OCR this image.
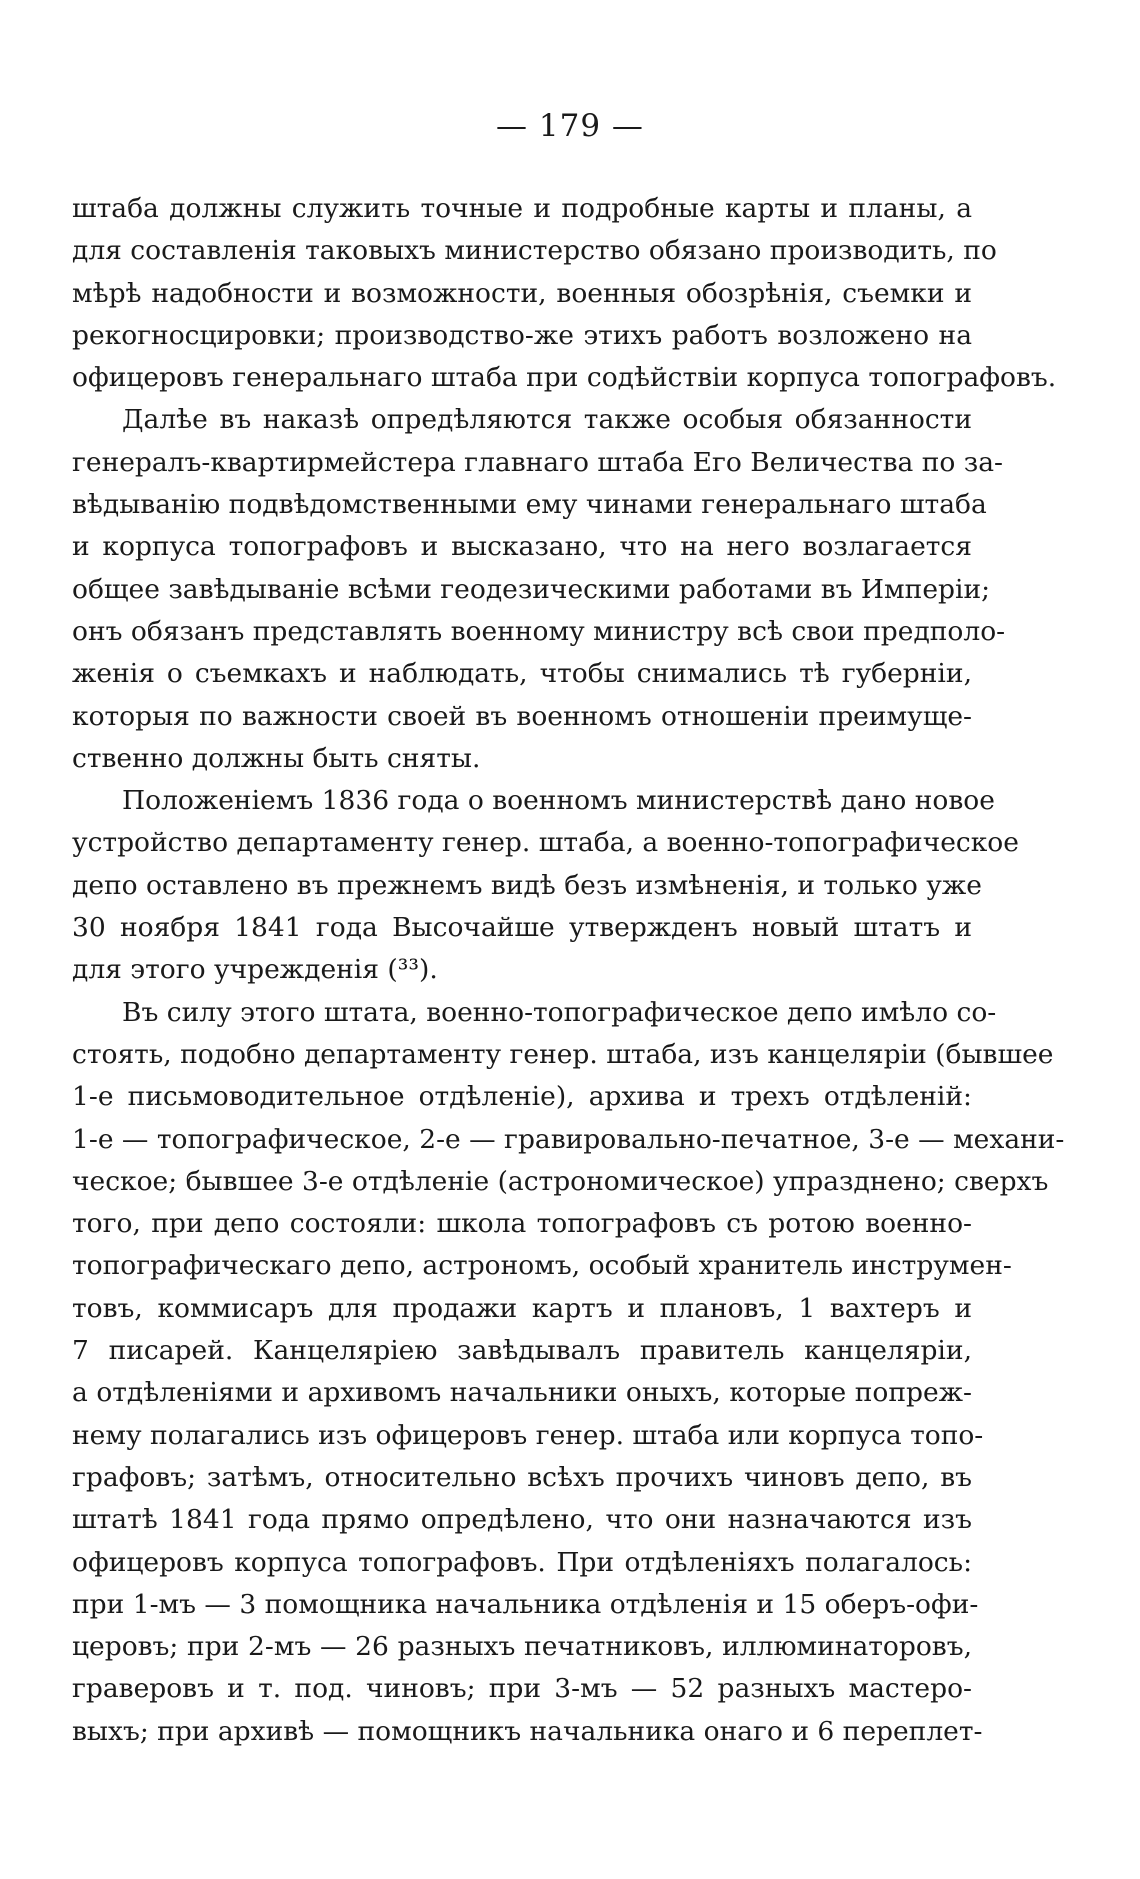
— 179 —
штаба должны служить точные и подробные карты и планы, а
для составленія таковыхъ министерство обязано производить, по
мѣрѣ надобности и возможности, военныя обозрѣнія, съемки и
рекогносцировки; производство-же этихъ работъ возложено на
офицеровъ генеральнаго штаба при содѣйствіи корпуса топографовъ.
Далѣе въ наказѣ опредѣляются также особыя обязанности
генералъ-квартирмейстера главнаго штаба Его Величества по за-
вѣдыванію подвѣдомственными ему чинами генеральнаго штаба
и корпуса топографовъ и высказано, что на него возлагается
общее завѣдываніе всѣми геодезическими работами въ Имперіи;
онъ обязанъ представлять военному министру всѣ свои предполо-
женія о съемкахъ и наблюдать, чтобы снимались тѣ губерніи,
которыя по важности своей въ военномъ отношеніи преимуще-
ственно должны быть сняты.
Положеніемъ 1836 года о военномъ министерствѣ дано новое
устройство департаменту генер. штаба, а военно-топографическое
депо оставлено въ прежнемъ видѣ безъ измѣненія, и только уже
30 ноября 1841 года Высочайше утвержденъ новый штатъ и
для этого учрежденія (³³).
Въ силу этого штата, военно-топографическое депо имѣло со-
стоять, подобно департаменту генер. штаба, изъ канцеляріи (бывшее
1-е письмоводительное отдѣленіе), архива и трехъ отдѣленій:
1-е — топографическое, 2-е — гравировально-печатное, 3-е — механи-
ческое; бывшее 3-е отдѣленіе (астрономическое) упразднено; сверхъ
того, при депо состояли: школа топографовъ съ ротою военно-
топографическаго депо, астрономъ, особый хранитель инструмен-
товъ, коммисаръ для продажи картъ и плановъ, 1 вахтеръ и
7 писарей. Канцеляріею завѣдывалъ правитель канцеляріи,
а отдѣленіями и архивомъ начальники оныхъ, которые попреж-
нему полагались изъ офицеровъ генер. штаба или корпуса топо-
графовъ; затѣмъ, относительно всѣхъ прочихъ чиновъ депо, въ
штатѣ 1841 года прямо опредѣлено, что они назначаются изъ
офицеровъ корпуса топографовъ. При отдѣленіяхъ полагалось:
при 1-мъ — 3 помощника начальника отдѣленія и 15 оберъ-офи-
церовъ; при 2-мъ — 26 разныхъ печатниковъ, иллюминаторовъ,
граверовъ и т. под. чиновъ; при 3-мъ — 52 разныхъ мастеро-
выхъ; при архивѣ — помощникъ начальника онаго и 6 переплет-
